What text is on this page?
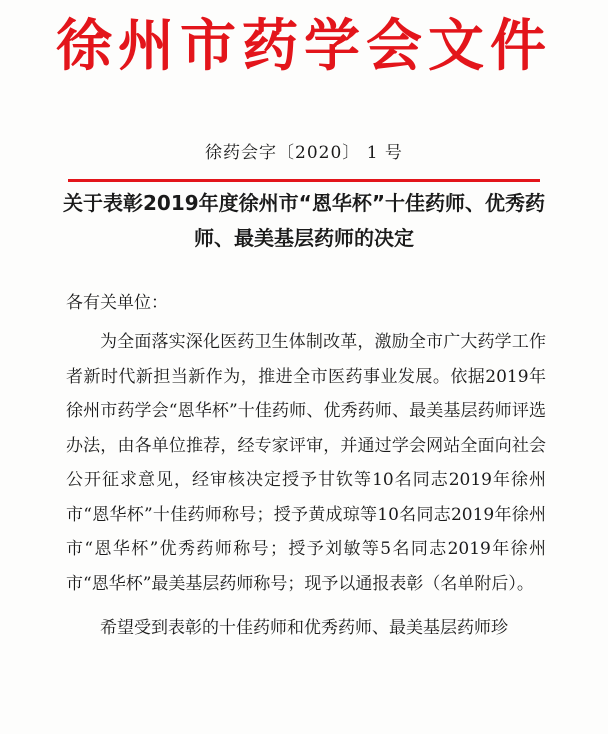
徐州市药学会文件
徐药会字〔2020〕 1 号
关于表彰2019年度徐州市“恩华杯”十佳药师、优秀药师、最美基层药师的决定
各有关单位：

为全面落实深化医药卫生体制改革，激励全市广大药学工作者新时代新担当新作为，推进全市医药事业发展。依据2019年徐州市药学会“恩华杯”十佳药师、优秀药师、最美基层药师评选办法，由各单位推荐，经专家评审，并通过学会网站全面向社会公开征求意见，经审核决定授予甘钦等10名同志2019年徐州市“恩华杯”十佳药师称号；授予黄成琼等10名同志2019年徐州市“恩华杯”优秀药师称号；授予刘敏等5名同志2019年徐州市“恩华杯”最美基层药师称号；现予以通报表彰（名单附后）。

希望受到表彰的十佳药师和优秀药师、最美基层药师珍
